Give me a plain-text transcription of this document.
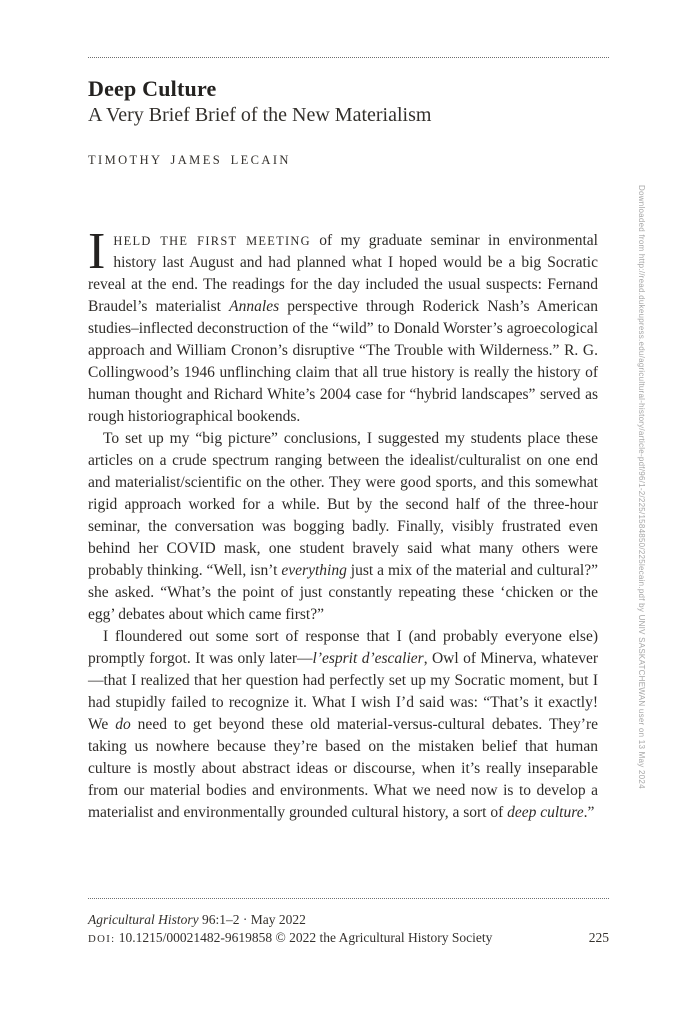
Deep Culture
A Very Brief Brief of the New Materialism
TIMOTHY JAMES LECAIN

IHELD THE FIRST MEETING of my graduate seminar in environmental history last August and had planned what I hoped would be a big Socratic reveal at the end. The readings for the day included the usual suspects: Fernand Braudel’s materialist Annales perspective through Roderick Nash’s American studies–inflected deconstruction of the “wild” to Donald Worster’s agroecological approach and William Cronon’s disruptive “The Trouble with Wilderness.” R. G. Collingwood’s 1946 unflinching claim that all true history is really the history of human thought and Richard White’s 2004 case for “hybrid landscapes” served as rough historiographical bookends.

To set up my “big picture” conclusions, I suggested my students place these articles on a crude spectrum ranging between the idealist/culturalist on one end and materialist/scientific on the other. They were good sports, and this somewhat rigid approach worked for a while. But by the second half of the three-hour seminar, the conversation was bogging badly. Finally, visibly frustrated even behind her COVID mask, one student bravely said what many others were probably thinking. “Well, isn’t everything just a mix of the material and cultural?” she asked. “What’s the point of just constantly repeating these ‘chicken or the egg’ debates about which came first?”

I floundered out some sort of response that I (and probably everyone else) promptly forgot. It was only later—l’esprit d’escalier, Owl of Minerva, whatever—that I realized that her question had perfectly set up my Socratic moment, but I had stupidly failed to recognize it. What I wish I’d said was: “That’s it exactly! We do need to get beyond these old material-versus-cultural debates. They’re taking us nowhere because they’re based on the mistaken belief that human culture is mostly about abstract ideas or discourse, when it’s really inseparable from our material bodies and environments. What we need now is to develop a materialist and environmentally grounded cultural history, a sort of deep culture.”

Agricultural History 96:1–2 · May 2022
DOI: 10.1215/00021482-9619858 © 2022 the Agricultural History Society	225
Downloaded from http://read.dukeupress.edu/agricultural-history/article-pdf/96/1-2/225/1584850/225lecain.pdf by UNIV SASKATCHEWAN user on 13 May 2024
